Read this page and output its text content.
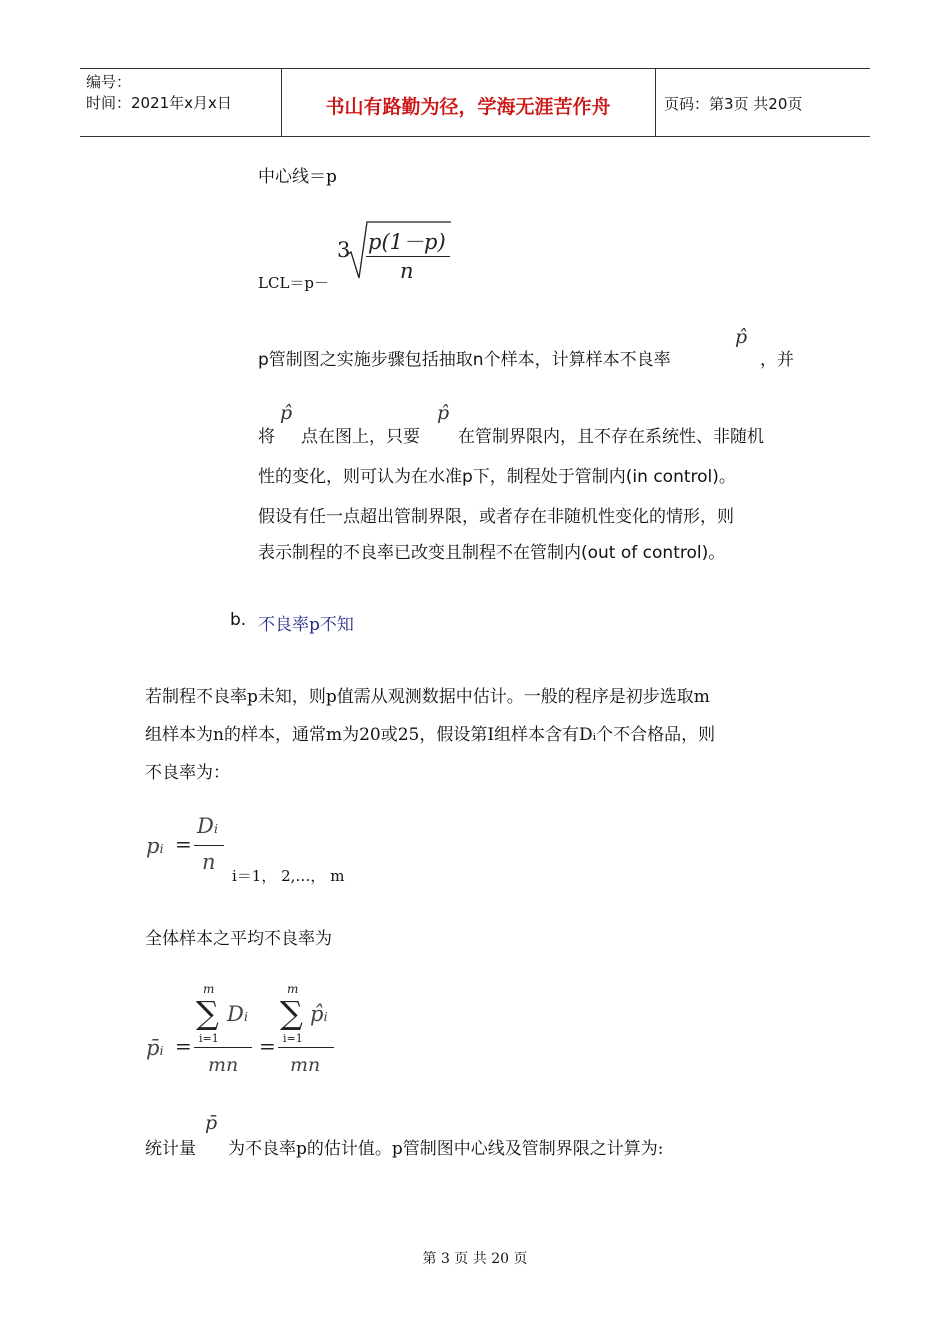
编号：
时间：2021年x月x日	书山有路勤为径，学海无涯苦作舟	页码：第3页 共20页
中心线＝p
LCL＝p－
3 p(1－p)
n
p管制图之实施步骤包括抽取n个样本，计算样本不良率
p̂
，并
将
p̂
点在图上，只要
p̂
在管制界限内，且不存在系统性、非随机
性的变化，则可认为在水准p下，制程处于管制内(in control)。
假设有任一点超出管制界限，或者存在非随机性变化的情形，则
表示制程的不良率已改变且制程不在管制内(out of control)。
b. 不良率p不知
若制程不良率p未知，则p值需从观测数据中估计。一般的程序是初步选取m
组样本为n的样本，通常m为20或25，假设第I组样本含有Dᵢ个不合格品，则
不良率为：
pᵢ =
Dᵢ
n
i＝1， 2,…， m
全体样本之平均不良率为
p̄ᵢ =
m
∑
i=1
Dᵢ
mn
=
m
∑
i=1
p̂ᵢ
mn
统计量
p̄
为不良率p的估计值。p管制图中心线及管制界限之计算为:
第 3 页 共 20 页
